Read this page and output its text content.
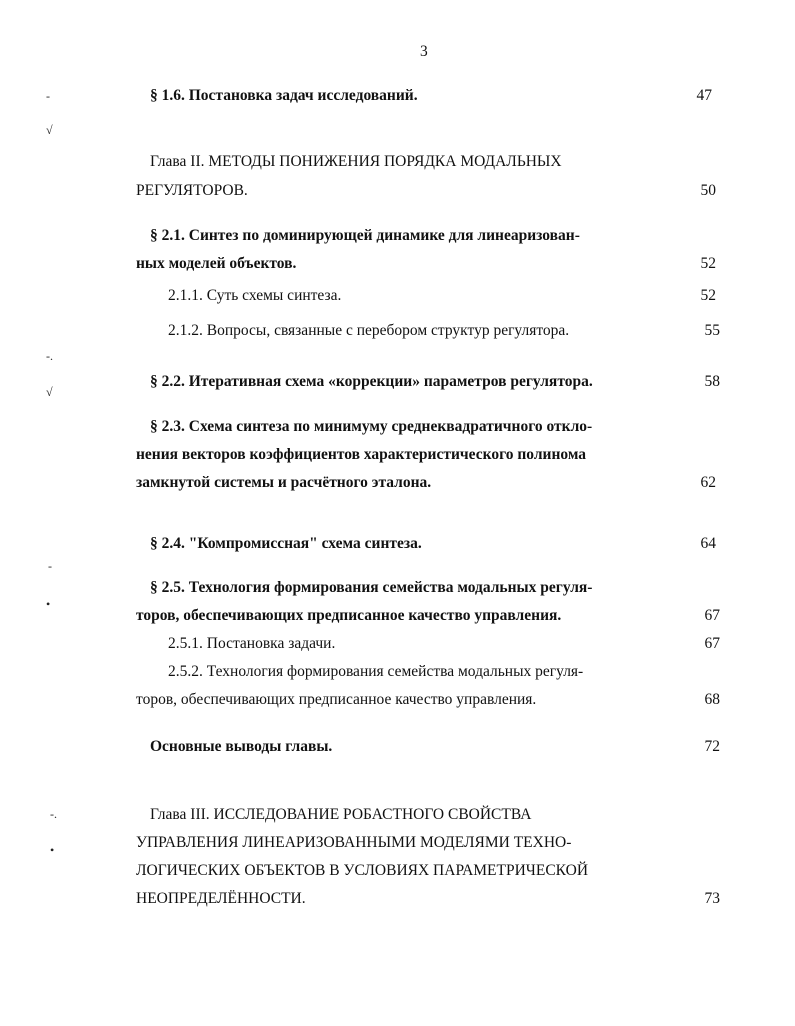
3
-
√
-.
√
-
•
-.
•
§ 1.6. Постановка задач исследований.	47
Глава II. МЕТОДЫ ПОНИЖЕНИЯ ПОРЯДКА МОДАЛЬНЫХ
РЕГУЛЯТОРОВ.	50
§ 2.1. Синтез по доминирующей динамике для линеаризован-
ных моделей объектов.	52
2.1.1. Суть схемы синтеза.	52
2.1.2. Вопросы, связанные с перебором структур регулятора.	55
§ 2.2. Итеративная схема «коррекции» параметров регулятора.	58
§ 2.3. Схема синтеза по минимуму среднеквадратичного откло-
нения векторов коэффициентов характеристического полинома
замкнутой системы и расчётного эталона.	62
§ 2.4. "Компромиссная" схема синтеза.	64
§ 2.5. Технология формирования семейства модальных регуля-
торов, обеспечивающих предписанное качество управления.	67
2.5.1. Постановка задачи.	67
2.5.2. Технология формирования семейства модальных регуля-
торов, обеспечивающих предписанное качество управления.	68
Основные выводы главы.	72
Глава III. ИССЛЕДОВАНИЕ РОБАСТНОГО СВОЙСТВА
УПРАВЛЕНИЯ ЛИНЕАРИЗОВАННЫМИ МОДЕЛЯМИ ТЕХНО-
ЛОГИЧЕСКИХ ОБЪЕКТОВ В УСЛОВИЯХ ПАРАМЕТРИЧЕСКОЙ
НЕОПРЕДЕЛЁННОСТИ.	73
